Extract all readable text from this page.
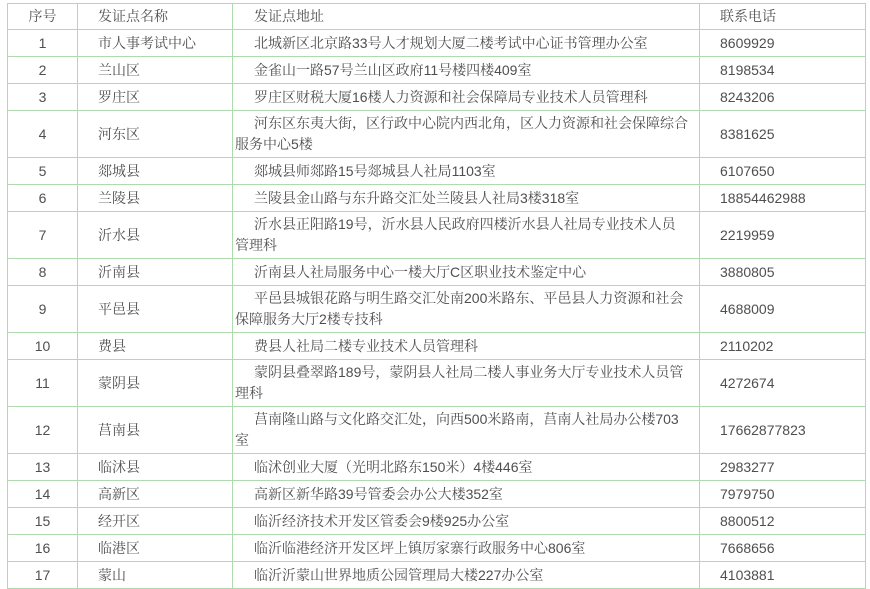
序号	发证点名称	发证点地址	联系电话
1	市人事考试中心	北城新区北京路33号人才规划大厦二楼考试中心证书管理办公室	8609929
2	兰山区	金雀山一路57号兰山区政府11号楼四楼409室	8198534
3	罗庄区	罗庄区财税大厦16楼人力资源和社会保障局专业技术人员管理科	8243206
4	河东区	河东区东夷大街，区行政中心院内西北角，区人力资源和社会保障综合服务中心5楼	8381625
5	郯城县	郯城县师郯路15号郯城县人社局1103室	6107650
6	兰陵县	兰陵县金山路与东升路交汇处兰陵县人社局3楼318室	18854462988
7	沂水县	沂水县正阳路19号，沂水县人民政府四楼沂水县人社局专业技术人员管理科	2219959
8	沂南县	沂南县人社局服务中心一楼大厅C区职业技术鉴定中心	3880805
9	平邑县	平邑县城银花路与明生路交汇处南200米路东、平邑县人力资源和社会保障服务大厅2楼专技科	4688009
10	费县	费县人社局二楼专业技术人员管理科	2110202
11	蒙阴县	蒙阴县叠翠路189号，蒙阴县人社局二楼人事业务大厅专业技术人员管理科	4272674
12	莒南县	莒南隆山路与文化路交汇处，向西500米路南，莒南人社局办公楼703室	17662877823
13	临沭县	临沭创业大厦（光明北路东150米）4楼446室	2983277
14	高新区	高新区新华路39号管委会办公大楼352室	7979750
15	经开区	临沂经济技术开发区管委会9楼925办公室	8800512
16	临港区	临沂临港经济开发区坪上镇厉家寨行政服务中心806室	7668656
17	蒙山	临沂沂蒙山世界地质公园管理局大楼227办公室	4103881
